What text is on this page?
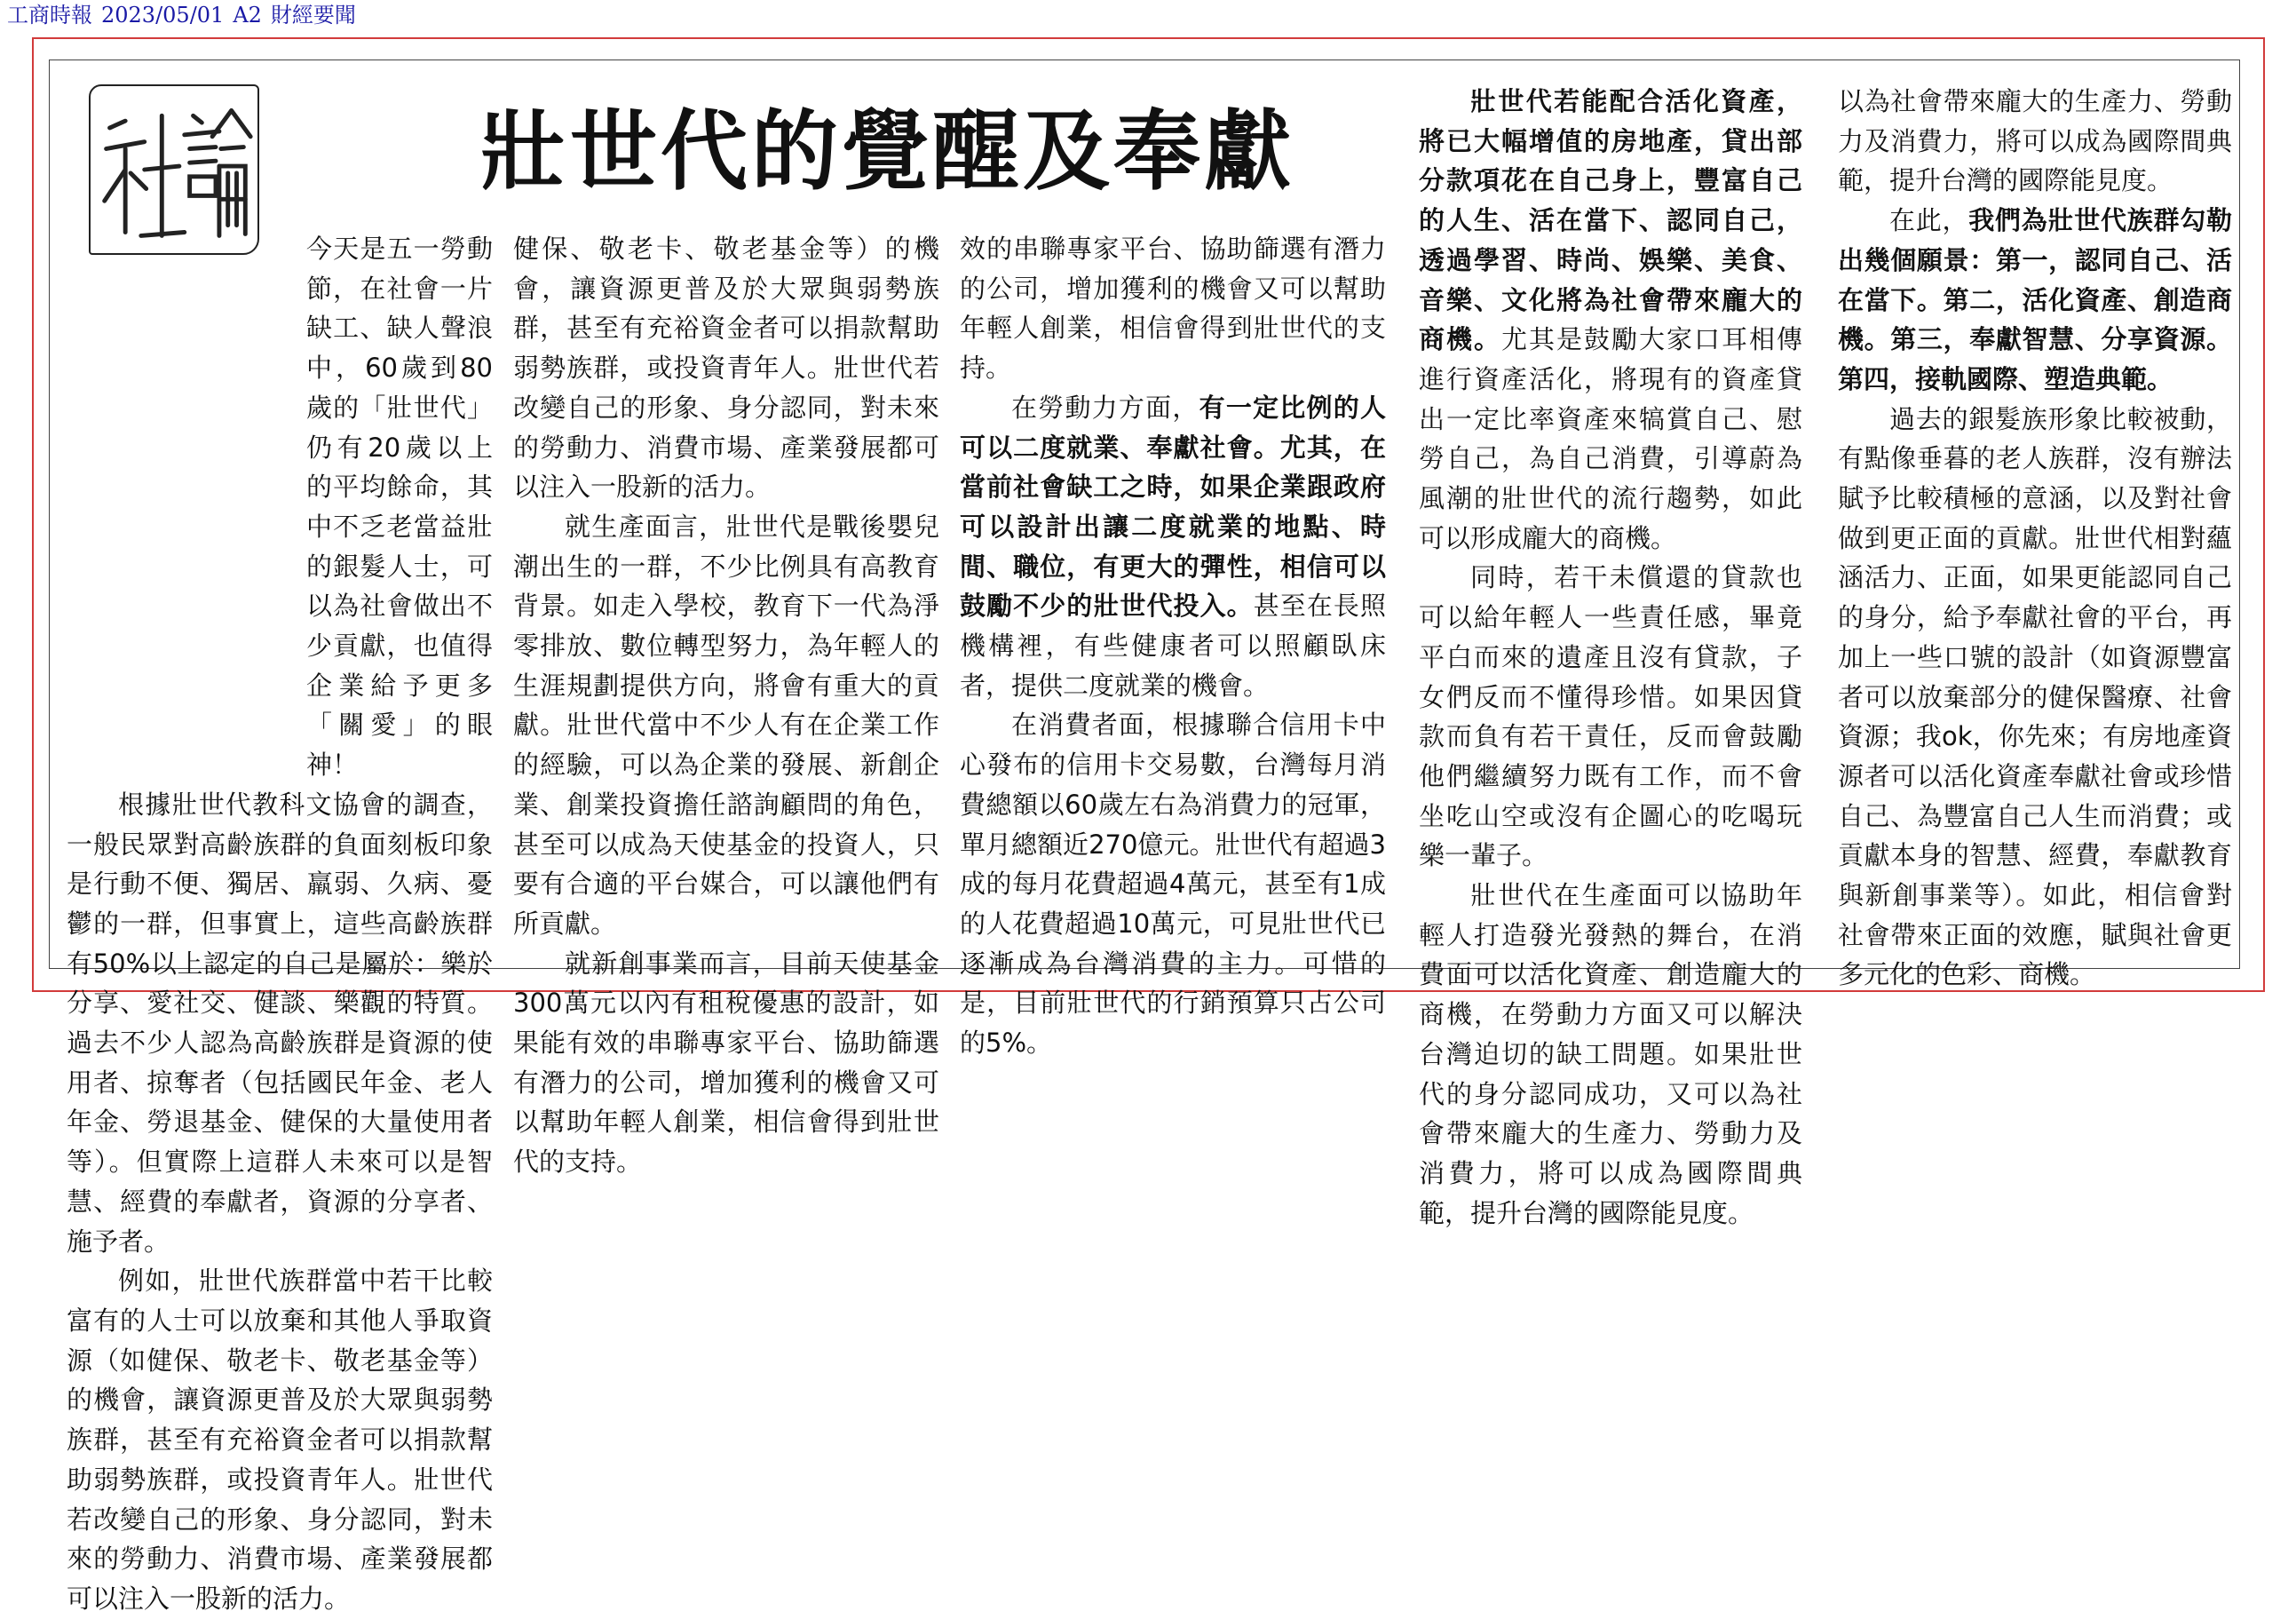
工商時報 2023/05/01 A2 財經要聞
壯世代的覺醒及奉獻

今天是五一勞動節，在社會一片缺工、缺人聲浪中，60歲到80歲的「壯世代」仍有20歲以上的平均餘命，其中不乏老當益壯的銀髮人士，可以為社會做出不少貢獻，也值得企業給予更多「關愛」的眼神！

根據壯世代教科文協會的調查，一般民眾對高齡族群的負面刻板印象是行動不便、獨居、羸弱、久病、憂鬱的一群，但事實上，這些高齡族群有50%以上認定的自己是屬於：樂於分享、愛社交、健談、樂觀的特質。過去不少人認為高齡族群是資源的使用者、掠奪者（包括國民年金、老人年金、勞退基金、健保的大量使用者等）。但實際上這群人未來可以是智慧、經費的奉獻者，資源的分享者、施予者。

例如，壯世代族群當中若干比較富有的人士可以放棄和其他人爭取資源（如健保、敬老卡、敬老基金等）的機會，讓資源更普及於大眾與弱勢族群，甚至有充裕資金者可以捐款幫助弱勢族群，或投資青年人。壯世代若改變自己的形象、身分認同，對未來的勞動力、消費市場、產業發展都可以注入一股新的活力。

健保、敬老卡、敬老基金等）的機會，讓資源更普及於大眾與弱勢族群，甚至有充裕資金者可以捐款幫助弱勢族群，或投資青年人。壯世代若改變自己的形象、身分認同，對未來的勞動力、消費市場、產業發展都可以注入一股新的活力。

就生產面言，壯世代是戰後嬰兒潮出生的一群，不少比例具有高教育背景。如走入學校，教育下一代為淨零排放、數位轉型努力，為年輕人的生涯規劃提供方向，將會有重大的貢獻。壯世代當中不少人有在企業工作的經驗，可以為企業的發展、新創企業、創業投資擔任諮詢顧問的角色，甚至可以成為天使基金的投資人，只要有合適的平台媒合，可以讓他們有所貢獻。

就新創事業而言，目前天使基金300萬元以內有租稅優惠的設計，如果能有效的串聯專家平台、協助篩選有潛力的公司，增加獲利的機會又可以幫助年輕人創業，相信會得到壯世代的支持。

效的串聯專家平台、協助篩選有潛力的公司，增加獲利的機會又可以幫助年輕人創業，相信會得到壯世代的支持。

在勞動力方面，有一定比例的人可以二度就業、奉獻社會。尤其，在當前社會缺工之時，如果企業跟政府可以設計出讓二度就業的地點、時間、職位，有更大的彈性，相信可以鼓勵不少的壯世代投入。甚至在長照機構裡，有些健康者可以照顧臥床者，提供二度就業的機會。

在消費者面，根據聯合信用卡中心發布的信用卡交易數，台灣每月消費總額以60歲左右為消費力的冠軍，單月總額近270億元。壯世代有超過3成的每月花費超過4萬元，甚至有1成的人花費超過10萬元，可見壯世代已逐漸成為台灣消費的主力。可惜的是，目前壯世代的行銷預算只占公司的5%。

壯世代若能配合活化資產，將已大幅增值的房地產，貸出部分款項花在自己身上，豐富自己的人生、活在當下、認同自己，透過學習、時尚、娛樂、美食、音樂、文化將為社會帶來龐大的商機。尤其是鼓勵大家口耳相傳進行資產活化，將現有的資產貸出一定比率資產來犒賞自己、慰勞自己，為自己消費，引導蔚為風潮的壯世代的流行趨勢，如此可以形成龐大的商機。

同時，若干未償還的貸款也可以給年輕人一些責任感，畢竟平白而來的遺產且沒有貸款，子女們反而不懂得珍惜。如果因貸款而負有若干責任，反而會鼓勵他們繼續努力既有工作，而不會坐吃山空或沒有企圖心的吃喝玩樂一輩子。

壯世代在生產面可以協助年輕人打造發光發熱的舞台，在消費面可以活化資產、創造龐大的商機，在勞動力方面又可以解決台灣迫切的缺工問題。如果壯世代的身分認同成功，又可以為社會帶來龐大的生產力、勞動力及消費力，將可以成為國際間典範，提升台灣的國際能見度。

以為社會帶來龐大的生產力、勞動力及消費力，將可以成為國際間典範，提升台灣的國際能見度。

在此，我們為壯世代族群勾勒出幾個願景：第一，認同自己、活在當下。第二，活化資產、創造商機。第三，奉獻智慧、分享資源。第四，接軌國際、塑造典範。

過去的銀髮族形象比較被動，有點像垂暮的老人族群，沒有辦法賦予比較積極的意涵，以及對社會做到更正面的貢獻。壯世代相對蘊涵活力、正面，如果更能認同自己的身分，給予奉獻社會的平台，再加上一些口號的設計（如資源豐富者可以放棄部分的健保醫療、社會資源；我ok，你先來；有房地產資源者可以活化資產奉獻社會或珍惜自己、為豐富自己人生而消費；或貢獻本身的智慧、經費，奉獻教育與新創事業等）。如此，相信會對社會帶來正面的效應，賦與社會更多元化的色彩、商機。
